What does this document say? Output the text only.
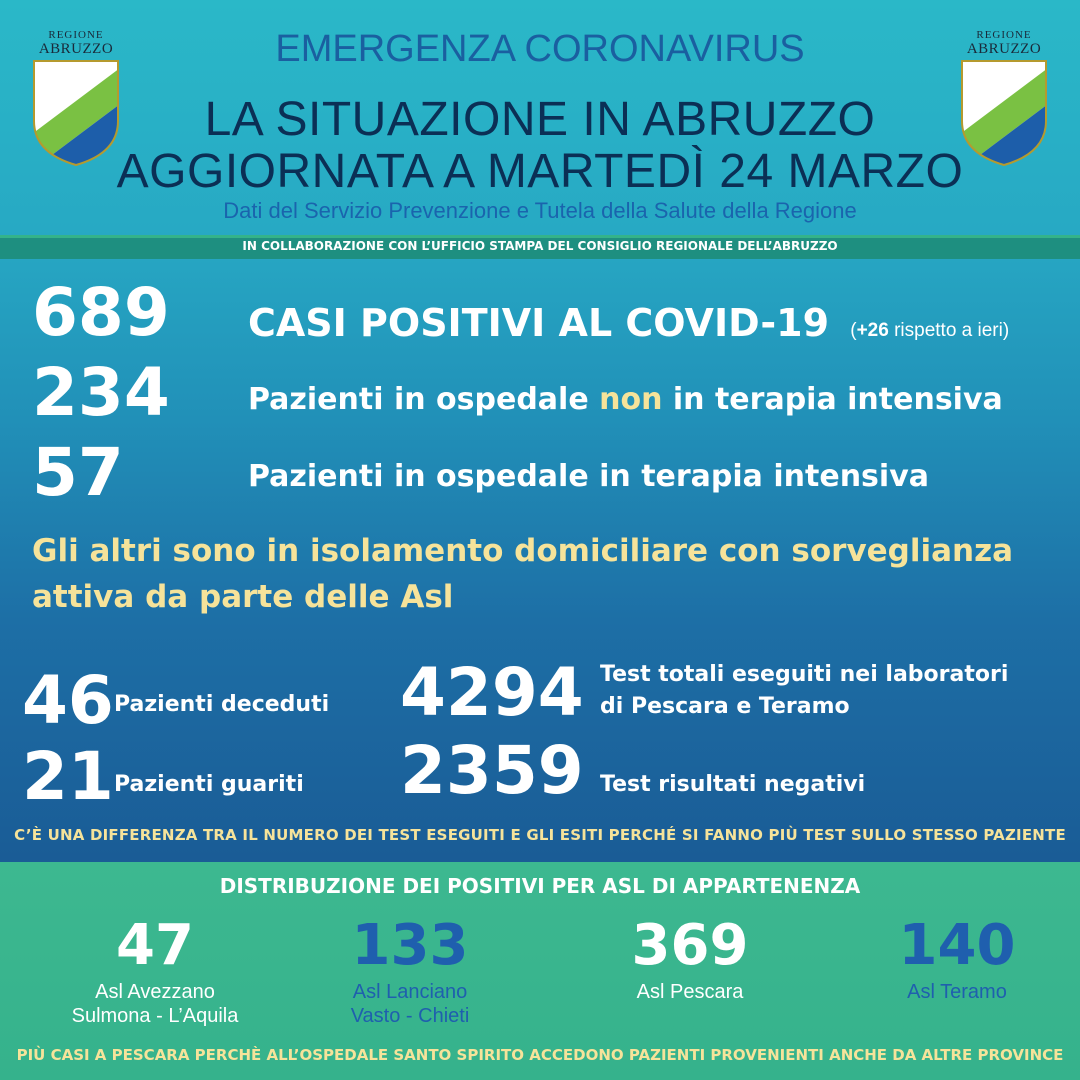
EMERGENZA CORONAVIRUS
LA SITUAZIONE IN ABRUZZO
AGGIORNATA A MARTEDÌ 24 MARZO
Dati del Servizio Prevenzione e Tutela della Salute della Regione
REGIONE
ABRUZZO
REGIONE
ABRUZZO
IN COLLABORAZIONE CON L’UFFICIO STAMPA DEL CONSIGLIO REGIONALE DELL’ABRUZZO
689 CASI POSITIVI AL COVID-19 (+26 rispetto a ieri)
234	Pazienti in ospedale non in terapia intensiva
57	Pazienti in ospedale in terapia intensiva
Gli altri sono in isolamento domiciliare con sorveglianza
attiva da parte delle Asl
46 Pazienti deceduti
21 Pazienti guariti
4294 Test totali eseguiti nei laboratori
di Pescara e Teramo
2359 Test risultati negativi
C’È UNA DIFFERENZA TRA IL NUMERO DEI TEST ESEGUITI E GLI ESITI PERCHÉ SI FANNO PIÙ TEST SULLO STESSO PAZIENTE
DISTRIBUZIONE DEI POSITIVI PER ASL DI APPARTENENZA
47
Asl Avezzano
Sulmona - L’Aquila
133
Asl Lanciano
Vasto - Chieti
369
Asl Pescara
140
Asl Teramo
PIÙ CASI A PESCARA PERCHÈ ALL’OSPEDALE SANTO SPIRITO ACCEDONO PAZIENTI PROVENIENTI ANCHE DA ALTRE PROVINCE
